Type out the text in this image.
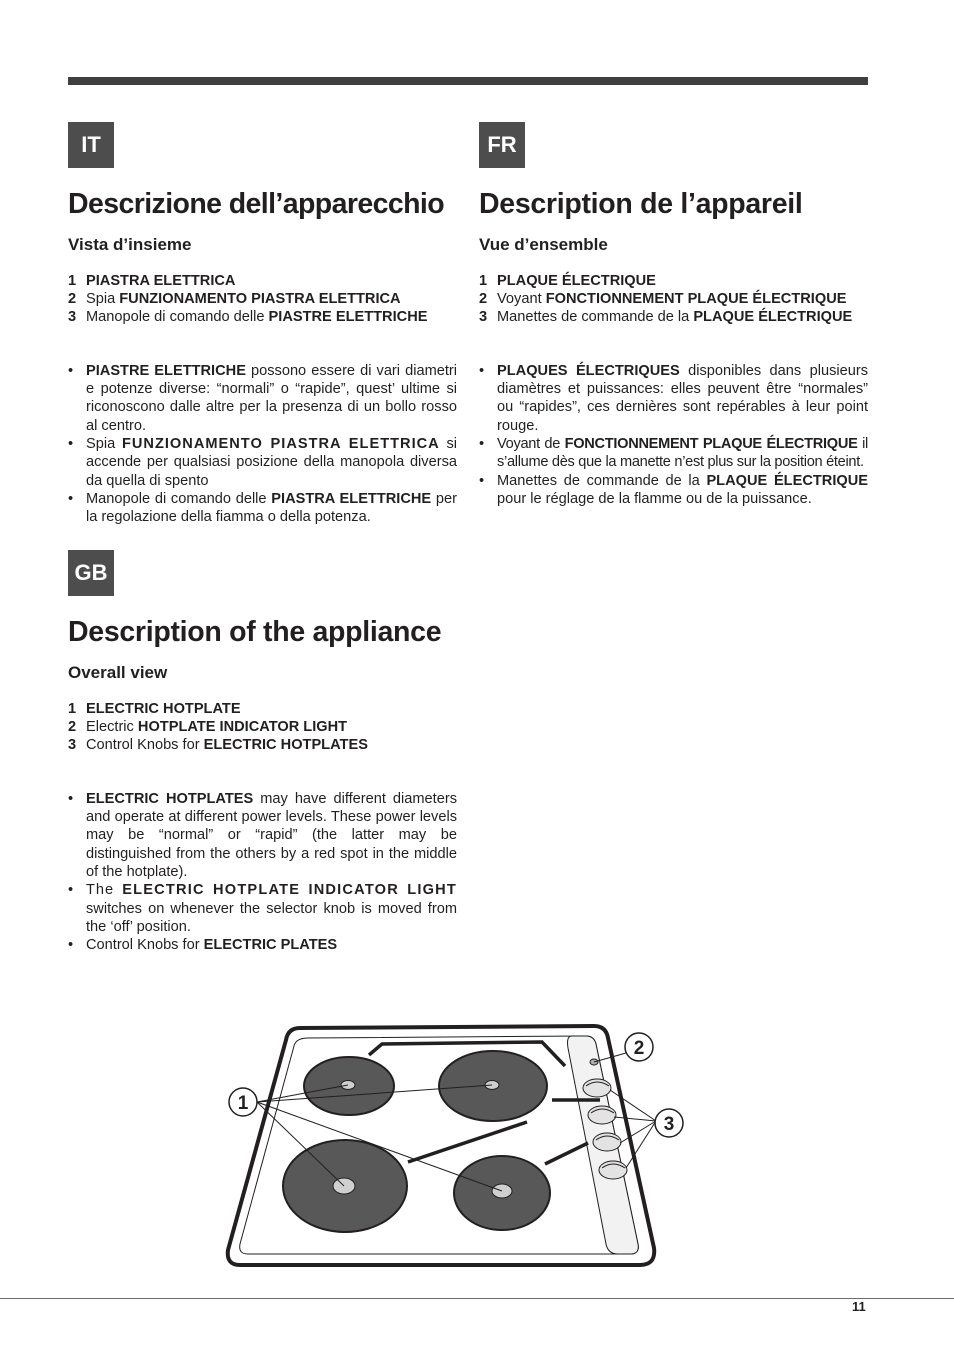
IT
Descrizione dell’apparecchio
Vista d’insieme
1 PIASTRA ELETTRICA
2 Spia FUNZIONAMENTO PIASTRA ELETTRICA
3 Manopole di comando delle PIASTRE ELETTRICHE
• PIASTRE ELETTRICHE possono essere di vari diametri e potenze diverse: “normali” o “rapide”, quest’ ultime si riconoscono dalle altre per la presenza di un bollo rosso al centro.
• Spia FUNZIONAMENTO PIASTRA ELETTRICA si accende per qualsiasi posizione della manopola diversa da quella di spento
• Manopole di comando delle PIASTRA ELETTRICHE per la regolazione della fiamma o della potenza.
FR
Description de l’appareil
Vue d’ensemble
1 PLAQUE ÉLECTRIQUE
2 Voyant FONCTIONNEMENT PLAQUE ÉLECTRIQUE
3 Manettes de commande de la PLAQUE ÉLECTRIQUE
• PLAQUES ÉLECTRIQUES disponibles dans plusieurs diamètres et puissances: elles peuvent être “normales” ou “rapides”, ces dernières sont repérables à leur point rouge.
• Voyant de FONCTIONNEMENT PLAQUE ÉLECTRIQUE il s’allume dès que la manette n’est plus sur la position éteint.
• Manettes de commande de la PLAQUE ÉLECTRIQUE pour le réglage de la flamme ou de la puissance.
GB
Description of the appliance
Overall view
1 ELECTRIC HOTPLATE
2 Electric HOTPLATE INDICATOR LIGHT
3 Control Knobs for ELECTRIC HOTPLATES
• ELECTRIC HOTPLATES may have different diameters and operate at different power levels. These power levels may be “normal” or “rapid” (the latter may be distinguished from the others by a red spot in the middle of the hotplate).
• The ELECTRIC HOTPLATE INDICATOR LIGHT switches on whenever the selector knob is moved from the ‘off’ position.
• Control Knobs for ELECTRIC PLATES
1
2
3
11
